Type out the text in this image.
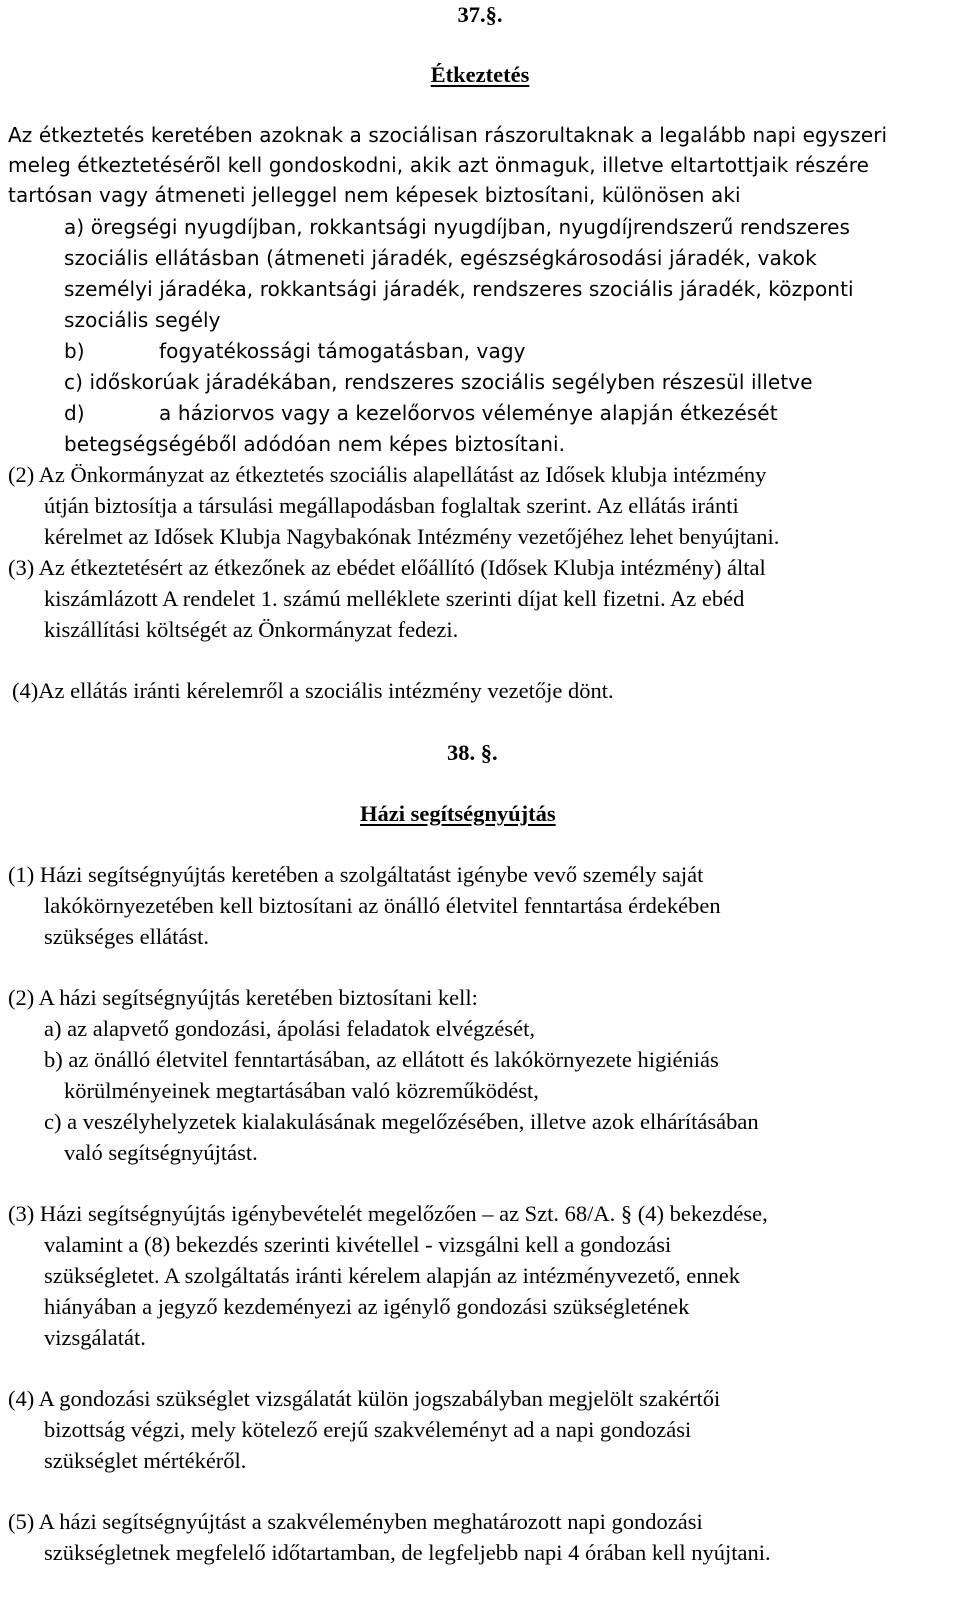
37.§.
Étkeztetés
Az étkeztetés keretében azoknak a szociálisan rászorultaknak a legalább napi egyszeri
meleg étkeztetésérõl kell gondoskodni, akik azt önmaguk, illetve eltartottjaik részére
tartósan vagy átmeneti jelleggel nem képesek biztosítani, különösen aki
a) öregségi nyugdíjban, rokkantsági nyugdíjban, nyugdíjrendszerű rendszeres
szociális ellátásban (átmeneti járadék, egészségkárosodási járadék, vakok
személyi járadéka, rokkantsági járadék, rendszeres szociális járadék, központi
szociális segély
b)	fogyatékossági támogatásban, vagy
c) időskorúak járadékában, rendszeres szociális segélyben részesül illetve
d)	a háziorvos vagy a kezelőorvos véleménye alapján étkezését
betegségségéből adódóan nem képes biztosítani.
(2) Az Önkormányzat az étkeztetés szociális alapellátást az Idősek klubja intézmény
útján biztosítja a társulási megállapodásban foglaltak szerint. Az ellátás iránti
kérelmet az Idősek Klubja Nagybakónak Intézmény vezetőjéhez lehet benyújtani.
(3) Az étkeztetésért az étkezőnek az ebédet előállító (Idősek Klubja intézmény) által
kiszámlázott A rendelet 1. számú melléklete szerinti díjat kell fizetni. Az ebéd
kiszállítási költségét az Önkormányzat fedezi.
(4)Az ellátás iránti kérelemről a szociális intézmény vezetője dönt.
38. §.
Házi segítségnyújtás
(1) Házi segítségnyújtás keretében a szolgáltatást igénybe vevő személy saját
lakókörnyezetében kell biztosítani az önálló életvitel fenntartása érdekében
szükséges ellátást.
(2) A házi segítségnyújtás keretében biztosítani kell:
a) az alapvető gondozási, ápolási feladatok elvégzését,
b) az önálló életvitel fenntartásában, az ellátott és lakókörnyezete higiéniás
körülményeinek megtartásában való közreműködést,
c) a veszélyhelyzetek kialakulásának megelőzésében, illetve azok elhárításában
való segítségnyújtást.
(3) Házi segítségnyújtás igénybevételét megelőzően – az Szt. 68/A. § (4) bekezdése,
valamint a (8) bekezdés szerinti kivétellel - vizsgálni kell a gondozási
szükségletet. A szolgáltatás iránti kérelem alapján az intézményvezető, ennek
hiányában a jegyző kezdeményezi az igénylő gondozási szükségletének
vizsgálatát.
(4) A gondozási szükséglet vizsgálatát külön jogszabályban megjelölt szakértői
bizottság végzi, mely kötelező erejű szakvéleményt ad a napi gondozási
szükséglet mértékéről.
(5) A házi segítségnyújtást a szakvéleményben meghatározott napi gondozási
szükségletnek megfelelő időtartamban, de legfeljebb napi 4 órában kell nyújtani.
